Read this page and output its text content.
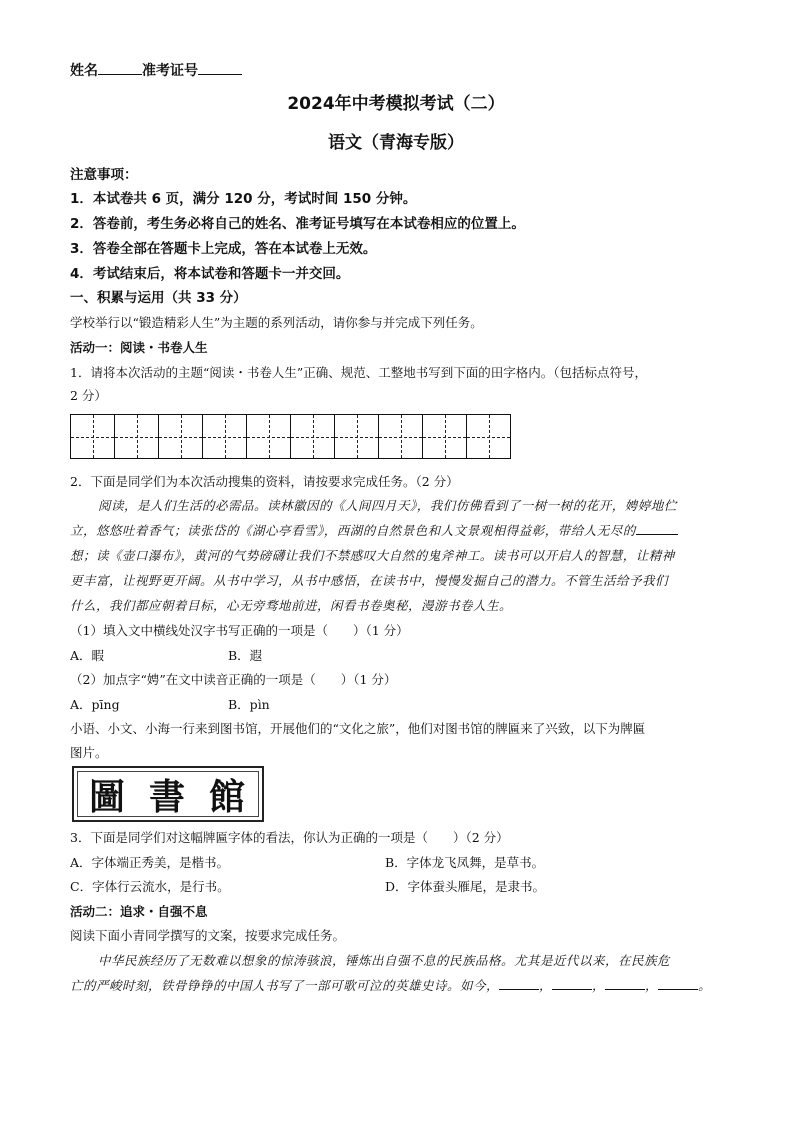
姓名	准考证号
2024年中考模拟考试（二）
语文（青海专版）
注意事项：
1．本试卷共 6 页，满分 120 分，考试时间 150 分钟。
2．答卷前，考生务必将自己的姓名、准考证号填写在本试卷相应的位置上。
3．答卷全部在答题卡上完成，答在本试卷上无效。
4．考试结束后，将本试卷和答题卡一并交回。
一、积累与运用（共 33 分）
学校举行以“锻造精彩人生”为主题的系列活动，请你参与并完成下列任务。
活动一：阅读・书卷人生
1．请将本次活动的主题“阅读・书卷人生”正确、规范、工整地书写到下面的田字格内。（包括标点符号，
2 分）
2．下面是同学们为本次活动搜集的资料，请按要求完成任务。（2 分）
阅读，是人们生活的必需品。读林徽因的《人间四月天》，我们仿佛看到了一树一树的花开，娉婷地伫
立，悠悠吐着香气；读张岱的《湖心亭看雪》，西湖的自然景色和人文景观相得益彰，带给人无尽的
想；读《壶口瀑布》，黄河的气势磅礴让我们不禁感叹大自然的鬼斧神工。读书可以开启人的智慧，让精神
更丰富，让视野更开阔。从书中学习，从书中感悟，在读书中，慢慢发掘自己的潜力。不管生活给予我们
什么，我们都应朝着目标，心无旁骛地前进，闲看书卷奥秘，漫游书卷人生。
（1）填入文中横线处汉字书写正确的一项是（　　）（1 分）
A．暇	B．遐
（2）加点字“娉”在文中读音正确的一项是（　　）（1 分）
A．pīng	B．pìn
小语、小文、小海一行来到图书馆，开展他们的“文化之旅”，他们对图书馆的牌匾来了兴致，以下为牌匾
图片。
圖 書 館
3．下面是同学们对这幅牌匾字体的看法，你认为正确的一项是（　　）（2 分）
A．字体端正秀美，是楷书。	B．字体龙飞凤舞，是草书。
C．字体行云流水，是行书。	D．字体蚕头雁尾，是隶书。
活动二：追求・自强不息
阅读下面小青同学撰写的文案，按要求完成任务。
中华民族经历了无数难以想象的惊涛骇浪，锤炼出自强不息的民族品格。尤其是近代以来，在民族危
亡的严峻时刻，铁骨铮铮的中国人书写了一部可歌可泣的英雄史诗。如今，	，	，	，	。
